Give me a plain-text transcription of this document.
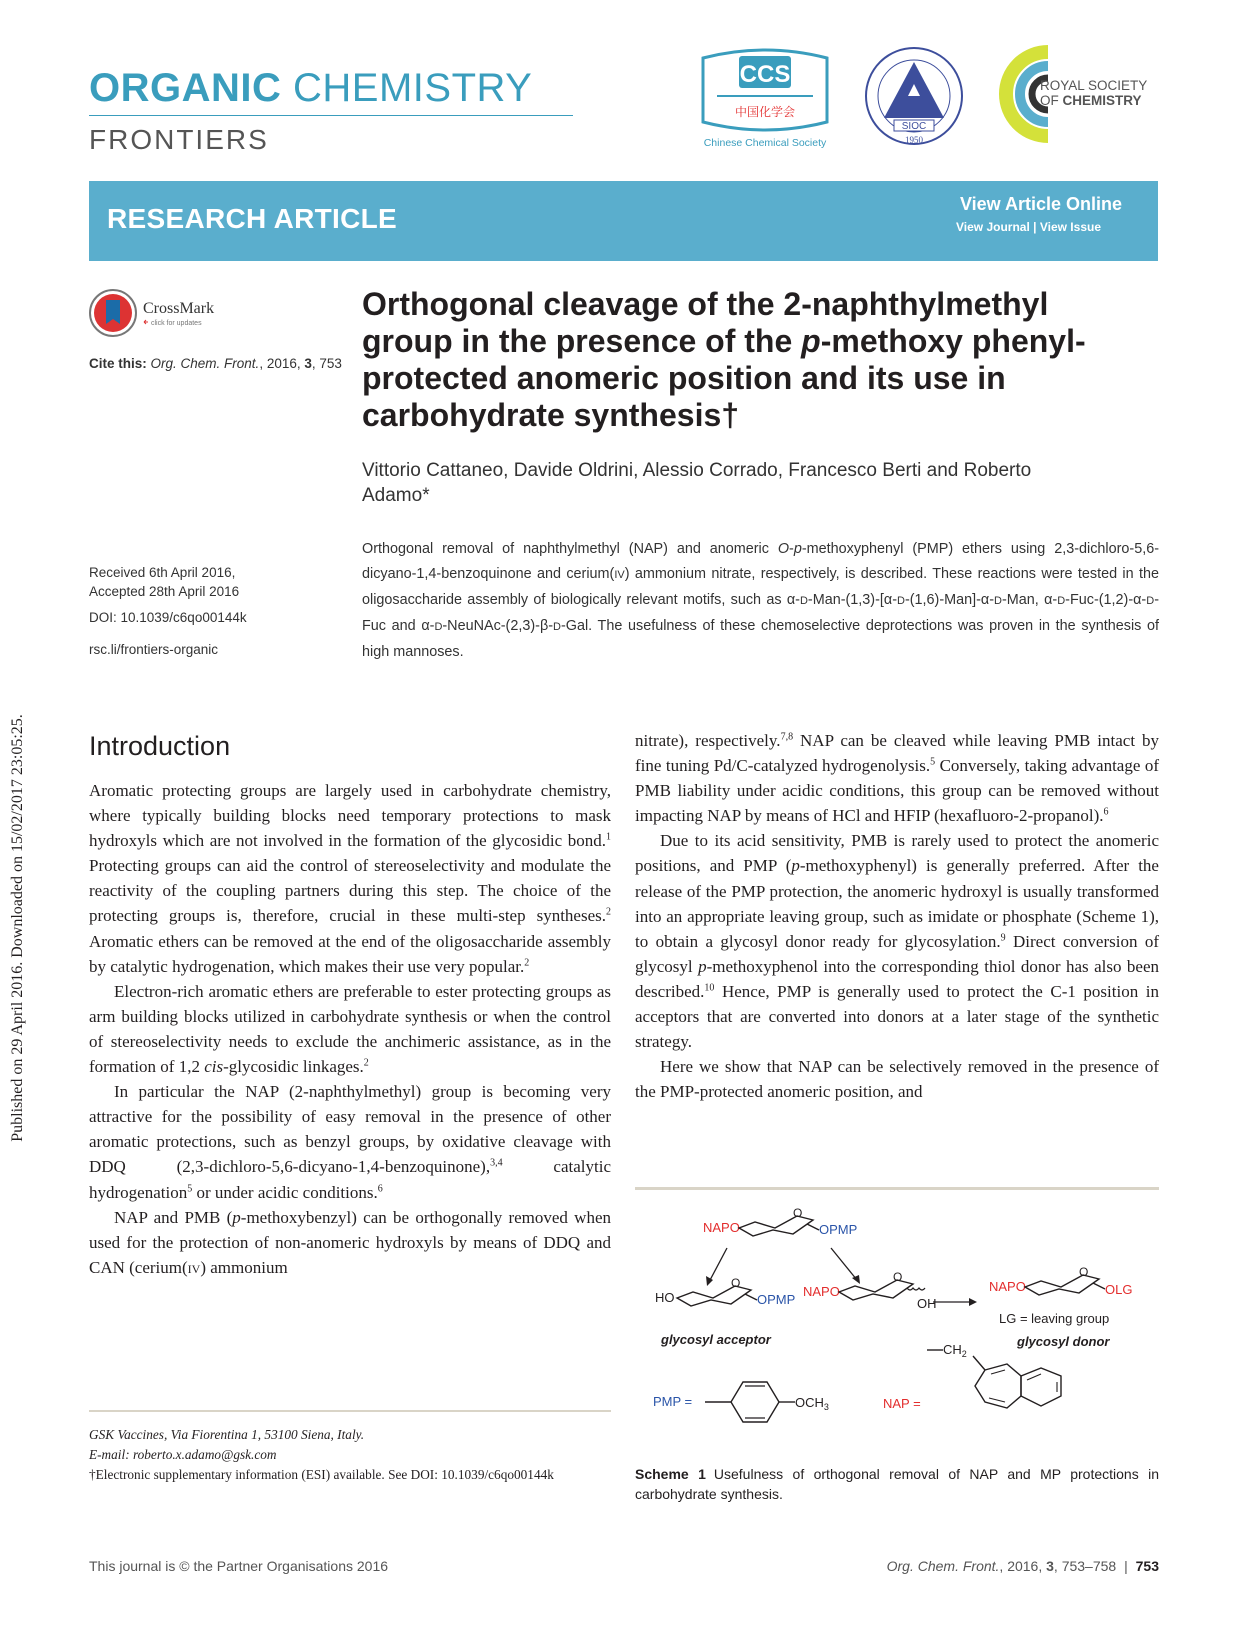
Published on 29 April 2016. Downloaded on 15/02/2017 23:05:25.
ORGANIC CHEMISTRY
FRONTIERS
CCS
中国化学会
Chinese Chemical Society
SIOC
1950
ROYAL SOCIETY
OF CHEMISTRY
RESEARCH ARTICLE	View Article Online
View Journal | View Issue
CrossMark
click for updates
Cite this: Org. Chem. Front., 2016, 3, 753
Received 6th April 2016,
Accepted 28th April 2016
DOI: 10.1039/c6qo00144k
rsc.li/frontiers-organic
Orthogonal cleavage of the 2-naphthylmethyl group in the presence of the p-methoxy phenyl-protected anomeric position and its use in carbohydrate synthesis†
Vittorio Cattaneo, Davide Oldrini, Alessio Corrado, Francesco Berti and Roberto Adamo*
Orthogonal removal of naphthylmethyl (NAP) and anomeric O-p-methoxyphenyl (PMP) ethers using 2,3-dichloro-5,6-dicyano-1,4-benzoquinone and cerium(IV) ammonium nitrate, respectively, is described. These reactions were tested in the oligosaccharide assembly of biologically relevant motifs, such as α-D-Man-(1,3)-[α-D-(1,6)-Man]-α-D-Man, α-D-Fuc-(1,2)-α-D-Fuc and α-D-NeuNAc-(2,3)-β-D-Gal. The usefulness of these chemoselective deprotections was proven in the synthesis of high mannoses.
Introduction

Aromatic protecting groups are largely used in carbohydrate chemistry, where typically building blocks need temporary protections to mask hydroxyls which are not involved in the formation of the glycosidic bond.$^1$ Protecting groups can aid the control of stereoselectivity and modulate the reactivity of the coupling partners during this step. The choice of the protecting groups is, therefore, crucial in these multi-step syntheses.$^2$ Aromatic ethers can be removed at the end of the oligosaccharide assembly by catalytic hydrogenation, which makes their use very popular.$^2$

Electron-rich aromatic ethers are preferable to ester protecting groups as arm building blocks utilized in carbohydrate synthesis or when the control of stereoselectivity needs to exclude the anchimeric assistance, as in the formation of 1,2 cis-glycosidic linkages.$^2$

In particular the NAP (2-naphthylmethyl) group is becoming very attractive for the possibility of easy removal in the presence of other aromatic protections, such as benzyl groups, by oxidative cleavage with DDQ (2,3-dichloro-5,6-dicyano-1,4-benzoquinone),$^{3,4}$ catalytic hydrogenation$^5$ or under acidic conditions.$^6$

NAP and PMB (p-methoxybenzyl) can be orthogonally removed when used for the protection of non-anomeric hydroxyls by means of DDQ and CAN (cerium(IV) ammonium

nitrate), respectively.$^{7,8}$ NAP can be cleaved while leaving PMB intact by fine tuning Pd/C-catalyzed hydrogenolysis.$^5$ Conversely, taking advantage of PMB liability under acidic conditions, this group can be removed without impacting NAP by means of HCl and HFIP (hexafluoro-2-propanol).$^6$

Due to its acid sensitivity, PMB is rarely used to protect the anomeric positions, and PMP (p-methoxyphenyl) is generally preferred. After the release of the PMP protection, the anomeric hydroxyl is usually transformed into an appropriate leaving group, such as imidate or phosphate (Scheme 1), to obtain a glycosyl donor ready for glycosylation.$^9$ Direct conversion of glycosyl p-methoxyphenol into the corresponding thiol donor has also been described.$^{10}$ Hence, PMP is generally used to protect the C-1 position in acceptors that are converted into donors at a later stage of the synthetic strategy.

Here we show that NAP can be selectively removed in the presence of the PMP-protected anomeric position, and

GSK Vaccines, Via Fiorentina 1, 53100 Siena, Italy.

E-mail: roberto.x.adamo@gsk.com

†Electronic supplementary information (ESI) available. See DOI: 10.1039/c6qo00144k

NAPO
O
OPMP
HO
O
OPMP
glycosyl acceptor
NAPO
O
OH
NAPO
O
OLG
LG = leaving group
glycosyl donor
PMP =	$OCH_3$	NAP =
$CH_2$
Scheme 1 Usefulness of orthogonal removal of NAP and MP protections in carbohydrate synthesis.
This journal is © the Partner Organisations 2016	Org. Chem. Front., 2016, 3, 753–758 | 753
